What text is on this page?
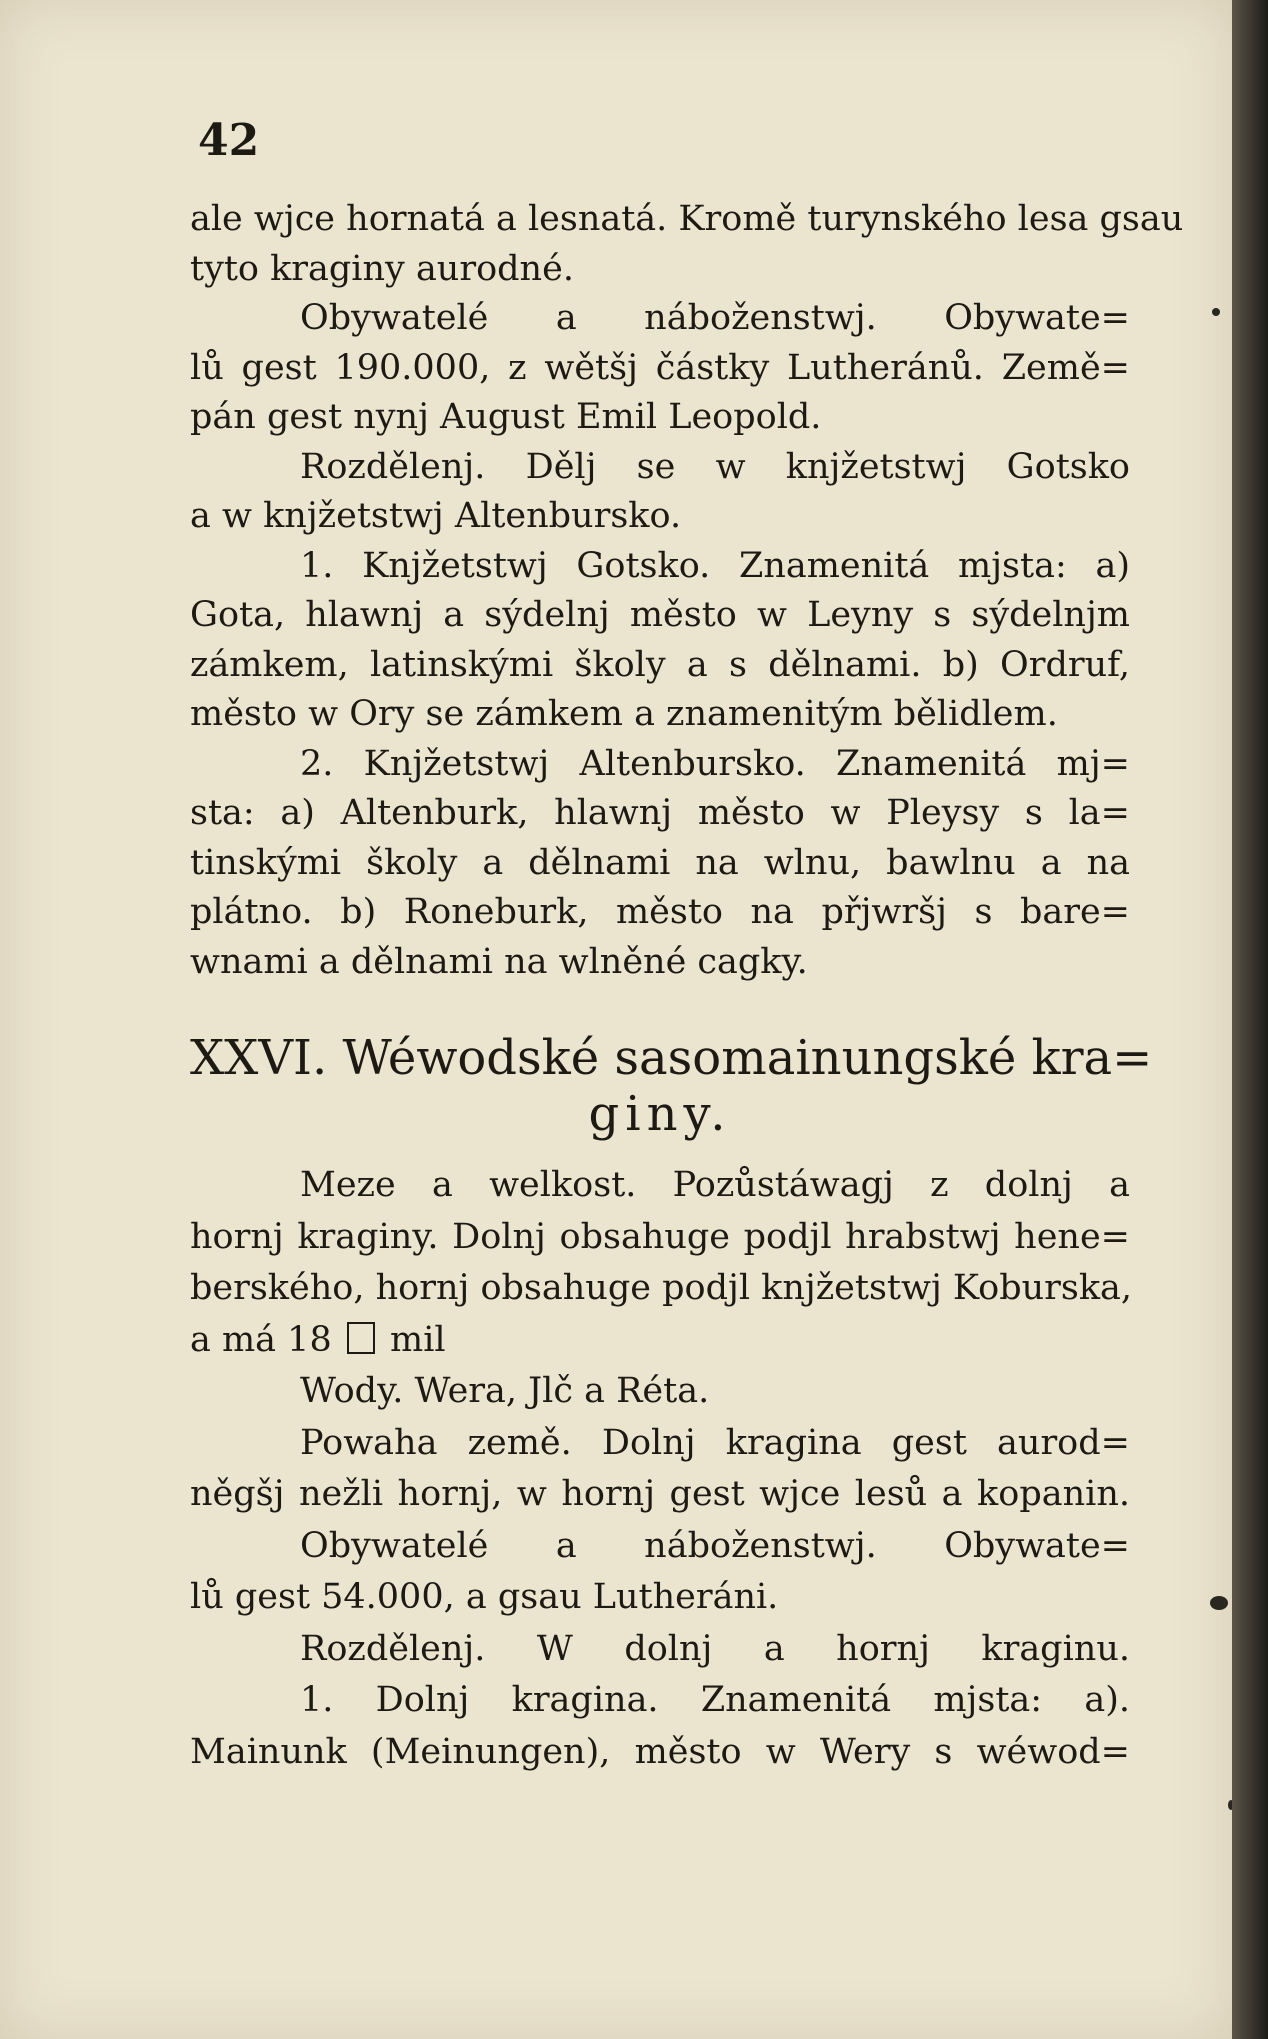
42
ale wjce hornatá a lesnatá. Kromě turynského lesa gsau
tyto kraginy aurodné.
Obywatelé a náboženstwj. Obywate=
lů gest 190.000, z wětšj částky Lutheránů. Země=
pán gest nynj August Emil Leopold.
Rozdělenj. Dělj se w knjžetstwj Gotsko
a w knjžetstwj Altenbursko.
1. Knjžetstwj Gotsko. Znamenitá mjsta: a)
Gota, hlawnj a sýdelnj město w Leyny s sýdelnjm
zámkem, latinskými školy a s dělnami. b) Ordruf,
město w Ory se zámkem a znamenitým bělidlem.
2. Knjžetstwj Altenbursko. Znamenitá mj=
sta: a) Altenburk, hlawnj město w Pleysy s la=
tinskými školy a dělnami na wlnu, bawlnu a na
plátno. b) Roneburk, město na přjwršj s bare=
wnami a dělnami na wlněné cagky.
XXVI. Wéwodské sasomainungské kra=
giny.
Meze a welkost. Pozůstáwagj z dolnj a
hornj kraginy. Dolnj obsahuge podjl hrabstwj hene=
berského, hornj obsahuge podjl knjžetstwj Koburska,
a má 18 mil
Wody. Wera, Jlč a Réta.
Powaha země. Dolnj kragina gest aurod=
něgšj nežli hornj, w hornj gest wjce lesů a kopanin.
Obywatelé a náboženstwj. Obywate=
lů gest 54.000, a gsau Lutheráni.
Rozdělenj. W dolnj a hornj kraginu.
1. Dolnj kragina. Znamenitá mjsta: a).
Mainunk (Meinungen), město w Wery s wéwod=
